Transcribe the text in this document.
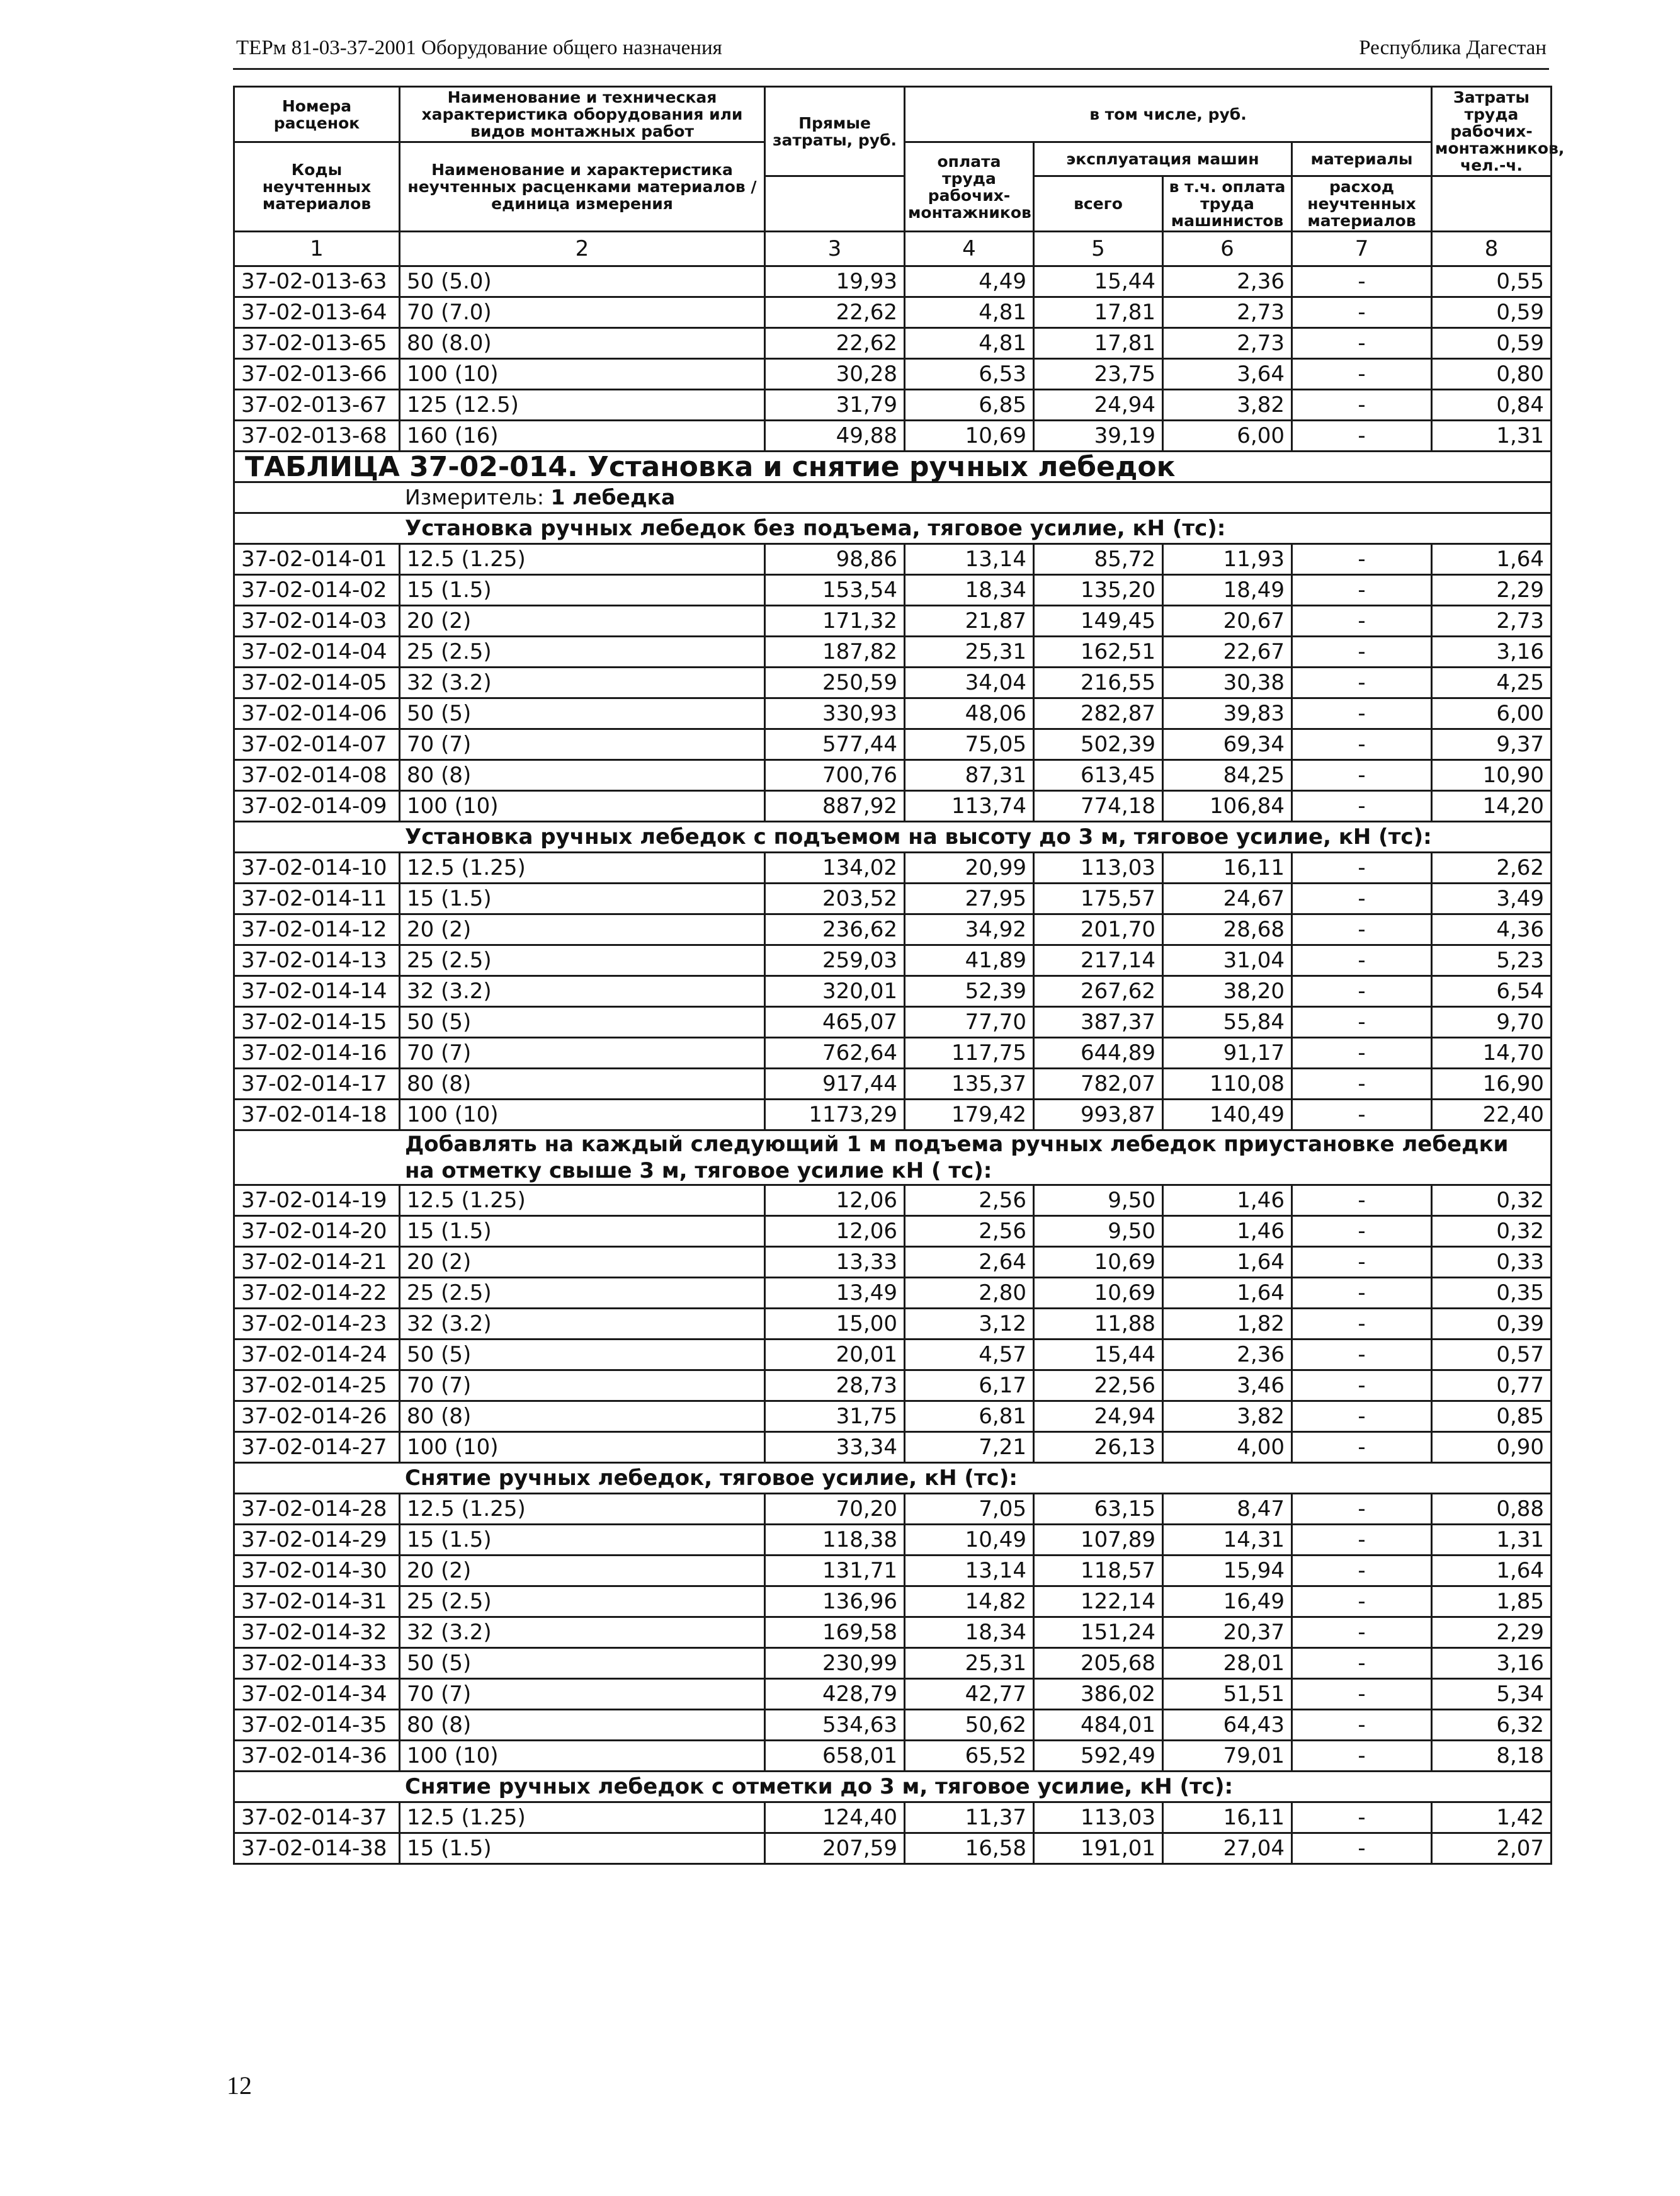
ТЕРм 81-03-37-2001 Оборудование общего назначения	Республика Дагестан
Номера расценок	Наименование и техническая характеристика оборудования или видов монтажных работ	Прямые затраты, руб.	в том числе, руб.				Затраты труда рабочих-монтажников,
чел.-ч.
Коды неучтенных материалов	Наименование и характеристика неучтенных расценками материалов / единица измерения		оплата труда рабочих-монтажников	эксплуатация машин		материалы	
				всего	в т.ч. оплата труда машинистов	расход неучтенных материалов	
1	2	3	4	5	6	7	8
37-02-013-63	50 (5.0)	19,93	4,49	15,44	2,36	-	0,55
37-02-013-64	70 (7.0)	22,62	4,81	17,81	2,73	-	0,59
37-02-013-65	80 (8.0)	22,62	4,81	17,81	2,73	-	0,59
37-02-013-66	100 (10)	30,28	6,53	23,75	3,64	-	0,80
37-02-013-67	125 (12.5)	31,79	6,85	24,94	3,82	-	0,84
37-02-013-68	160 (16)	49,88	10,69	39,19	6,00	-	1,31
ТАБЛИЦА 37-02-014. Установка и снятие ручных лебедок							
Измеритель: 1 лебедка							
Установка ручных лебедок без подъема, тяговое усилие, кН (тс):							
37-02-014-01	12.5 (1.25)	98,86	13,14	85,72	11,93	-	1,64
37-02-014-02	15 (1.5)	153,54	18,34	135,20	18,49	-	2,29
37-02-014-03	20 (2)	171,32	21,87	149,45	20,67	-	2,73
37-02-014-04	25 (2.5)	187,82	25,31	162,51	22,67	-	3,16
37-02-014-05	32 (3.2)	250,59	34,04	216,55	30,38	-	4,25
37-02-014-06	50 (5)	330,93	48,06	282,87	39,83	-	6,00
37-02-014-07	70 (7)	577,44	75,05	502,39	69,34	-	9,37
37-02-014-08	80 (8)	700,76	87,31	613,45	84,25	-	10,90
37-02-014-09	100 (10)	887,92	113,74	774,18	106,84	-	14,20
Установка ручных лебедок с подъемом на высоту до 3 м, тяговое усилие, кН (тс):							
37-02-014-10	12.5 (1.25)	134,02	20,99	113,03	16,11	-	2,62
37-02-014-11	15 (1.5)	203,52	27,95	175,57	24,67	-	3,49
37-02-014-12	20 (2)	236,62	34,92	201,70	28,68	-	4,36
37-02-014-13	25 (2.5)	259,03	41,89	217,14	31,04	-	5,23
37-02-014-14	32 (3.2)	320,01	52,39	267,62	38,20	-	6,54
37-02-014-15	50 (5)	465,07	77,70	387,37	55,84	-	9,70
37-02-014-16	70 (7)	762,64	117,75	644,89	91,17	-	14,70
37-02-014-17	80 (8)	917,44	135,37	782,07	110,08	-	16,90
37-02-014-18	100 (10)	1173,29	179,42	993,87	140,49	-	22,40
Добавлять на каждый следующий 1 м подъема ручных лебедок приустановке лебедки на отметку свыше 3 м, тяговое усилие кН ( тс):							
37-02-014-19	12.5 (1.25)	12,06	2,56	9,50	1,46	-	0,32
37-02-014-20	15 (1.5)	12,06	2,56	9,50	1,46	-	0,32
37-02-014-21	20 (2)	13,33	2,64	10,69	1,64	-	0,33
37-02-014-22	25 (2.5)	13,49	2,80	10,69	1,64	-	0,35
37-02-014-23	32 (3.2)	15,00	3,12	11,88	1,82	-	0,39
37-02-014-24	50 (5)	20,01	4,57	15,44	2,36	-	0,57
37-02-014-25	70 (7)	28,73	6,17	22,56	3,46	-	0,77
37-02-014-26	80 (8)	31,75	6,81	24,94	3,82	-	0,85
37-02-014-27	100 (10)	33,34	7,21	26,13	4,00	-	0,90
Снятие ручных лебедок, тяговое усилие, кН (тс):							
37-02-014-28	12.5 (1.25)	70,20	7,05	63,15	8,47	-	0,88
37-02-014-29	15 (1.5)	118,38	10,49	107,89	14,31	-	1,31
37-02-014-30	20 (2)	131,71	13,14	118,57	15,94	-	1,64
37-02-014-31	25 (2.5)	136,96	14,82	122,14	16,49	-	1,85
37-02-014-32	32 (3.2)	169,58	18,34	151,24	20,37	-	2,29
37-02-014-33	50 (5)	230,99	25,31	205,68	28,01	-	3,16
37-02-014-34	70 (7)	428,79	42,77	386,02	51,51	-	5,34
37-02-014-35	80 (8)	534,63	50,62	484,01	64,43	-	6,32
37-02-014-36	100 (10)	658,01	65,52	592,49	79,01	-	8,18
Снятие ручных лебедок с отметки до 3 м, тяговое усилие, кН (тс):							
37-02-014-37	12.5 (1.25)	124,40	11,37	113,03	16,11	-	1,42
37-02-014-38	15 (1.5)	207,59	16,58	191,01	27,04	-	2,07
12
